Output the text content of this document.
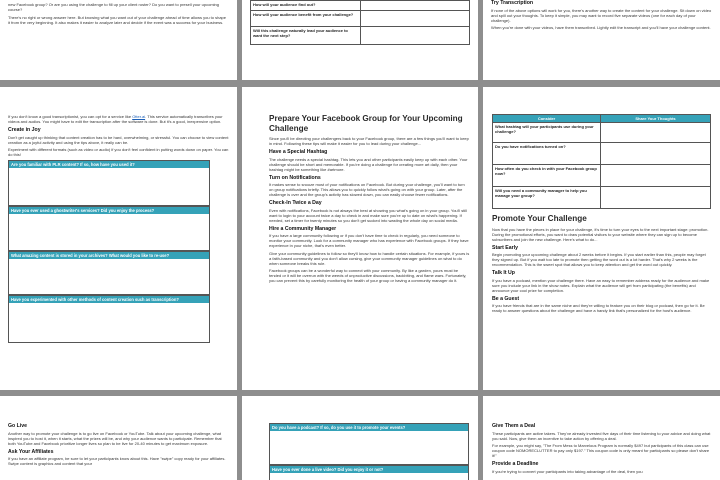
new Facebook group? Or are you using the challenge to fill up your client roster? Do you want to presell your upcoming course?
There's no right or wrong answer here. But knowing what you want out of your challenge ahead of time allows you to shape it from the very beginning. It also makes it easier to analyze later and decide if the event was a success for your business.
How will your audience find out?	
How will your audience benefit from your challenge?	
Will this challenge naturally lead your audience to want the next step?	
Try Transcription
If none of the above options will work for you, there's another way to create the content for your challenge. Sit down on video and spill out your thoughts. To keep it simple, you may want to record five separate videos (one for each day of your challenge).
When you're done with your videos, have them transcribed. Lightly edit the transcript and you'll have your challenge content.
If you don't know a good transcriptionist, you can opt for a service like Otter.ai. This service automatically transcribes your videos and audios. You might have to edit the transcription after the software is done. But it's a good, inexpensive option.
Create in Joy
Don't get caught up thinking that content creation has to be hard, overwhelming, or stressful. You can choose to view content creation as a joyful activity and using the tips above, it really can be.
Experiment with different formats (such as video or audio) if you don't feel confident in putting words down on paper. You can do this!
Are you familiar with PLR content? If so, how have you used it?
Have you ever used a ghostwriter's services? Did you enjoy the process?
What amazing content is stored in your archives? What would you like to re-use?
Have you experimented with other methods of content creation such as transcription?
Prepare Your Facebook Group for Your Upcoming Challenge
Since you'll be directing your challengers back to your Facebook group, there are a few things you'll want to keep in mind. Following these tips will make it easier for you to lead during your challenge...
Have a Special Hashtag
The challenge needs a special hashtag. This lets you and other participants easily keep up with each other. Your challenge should be short and memorable. If you're doing a challenge for creating more art daily, then your hashtag might be something like #artmore.
Turn on Notifications
It makes sense to snooze most of your notifications on Facebook. But during your challenge, you'll want to turn on group notifications briefly. This allows you to quickly follow what's going on with your group. Later, after the challenge is over and the group's activity has slowed down, you can easily choose fewer notifications.
Check-In Twice a Day
Even with notifications, Facebook is not always the best at showing you what's going on in your group. You'll still want to login to your account twice a day to check in and make sure you're up to date on what's happening. If needed, set a timer for twenty minutes so you don't get sucked into wasting the whole day on social media.
Hire a Community Manager
If you have a large community following or if you don't have time to check in regularly, you need someone to monitor your community. Look for a community manager who has experience with Facebook groups. If they have experience in your niche, that's even better.
Give your community guidelines to follow so they'll know how to handle certain situations. For example, if yours is a faith-based community and you don't allow cursing, give your community manager guidelines on what to do when someone breaks this rule.
Facebook groups can be a wonderful way to connect with your community. By like a garden, yours must be tended or it will be overrun with the weeds of unproductive discussions, backbiting, and flame wars. Fortunately, you can prevent this by carefully monitoring the health of your group or having a community manager do it.
Consider	Share Your Thoughts
What hashtag will your participants use during your challenge?	
Do you have notifications turned on?	
How often do you check in with your Facebook group now?	
Will you need a community manager to help you manage your group?	
Promote Your Challenge
Now that you have the pieces in place for your challenge, it's time to turn your eyes to the next important stage: promotion. During the promotional efforts, you want to draw potential visitors to your website where they can sign up to become subscribers and join the new challenge. Here's what to do...
Start Early
Begin promoting your upcoming challenge about 2 weeks before it begins. If you start earlier than this, people may forget they signed up. But if you wait too late to promote then getting the word out is a lot harder. That's why 2 weeks is the recommendation. This is the sweet spot that allows you to keep attention and get the word out quickly.
Talk It Up
If you have a podcast, mention your challenge there. Have an easy to remember address ready for the audience and make sure you include your link in the show notes. Explain what the audience will get from participating (the benefits) and announce your cool prize for completion.
Be a Guest
If you have friends that are in the same niche and they're willing to feature you on their blog or podcast, then go for it. Be ready to answer questions about the challenge and have a handy link that's personalized for the host's audience.
Go Live
Another way to promote your challenge is to go live on Facebook or YouTube. Talk about your upcoming challenge, what inspired you to host it, when it starts, what the prizes will be, and why your audience wants to participate. Remember that both YouTube and Facebook prioritize longer lives so plan to be live for 20-40 minutes to get maximum exposure.
Ask Your Affiliates
If you have an affiliate program, be sure to let your participants know about this. Have "swipe" copy ready for your affiliates. Swipe content is graphics and content that your
Do you have a podcast? If so, do you use it to promote your events?
Have you ever done a live video? Did you enjoy it or not?
Give Them a Deal
These participants are active takers. They've already invested five days of their time listening to your advice and doing what you said. Now, give them an incentive to take action by offering a deal.
For example, you might say, "The From Mess to Marvelous Program is normally $497 but participants of this class can use coupon code NOMORECLUTTER to pay only $197." This coupon code is only meant for participants so please don't share it!"
Provide a Deadline
If you're trying to convert your participants into taking advantage of the deal, then you
